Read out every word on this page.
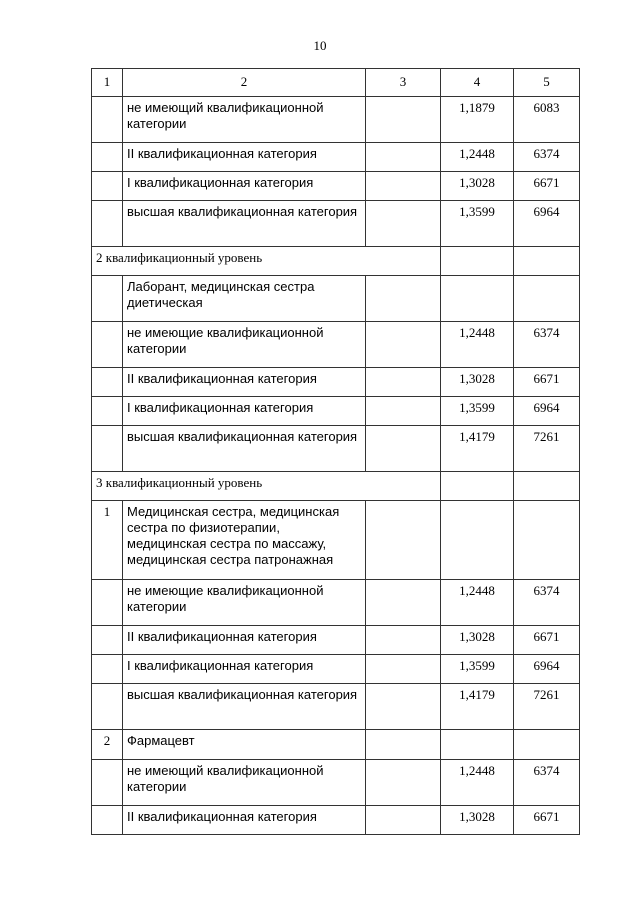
10
1	2	3	4	5
	не имеющий квалификационной категории		1,1879	6083
	II квалификационная категория		1,2448	6374
	I квалификационная категория		1,3028	6671
	высшая квалификационная категория		1,3599	6964
2 квалификационный уровень				
	Лаборант, медицинская сестра диетическая			
	не имеющие квалификационной категории		1,2448	6374
	II квалификационная категория		1,3028	6671
	I квалификационная категория		1,3599	6964
	высшая квалификационная категория		1,4179	7261
3 квалификационный уровень				
1	Медицинская сестра, медицинская сестра по физиотерапии, медицинская сестра по массажу, медицинская сестра патронажная			
	не имеющие квалификационной категории		1,2448	6374
	II квалификационная категория		1,3028	6671
	I квалификационная категория		1,3599	6964
	высшая квалификационная категория		1,4179	7261
2	Фармацевт			
	не имеющий квалификационной категории		1,2448	6374
	II квалификационная категория		1,3028	6671
